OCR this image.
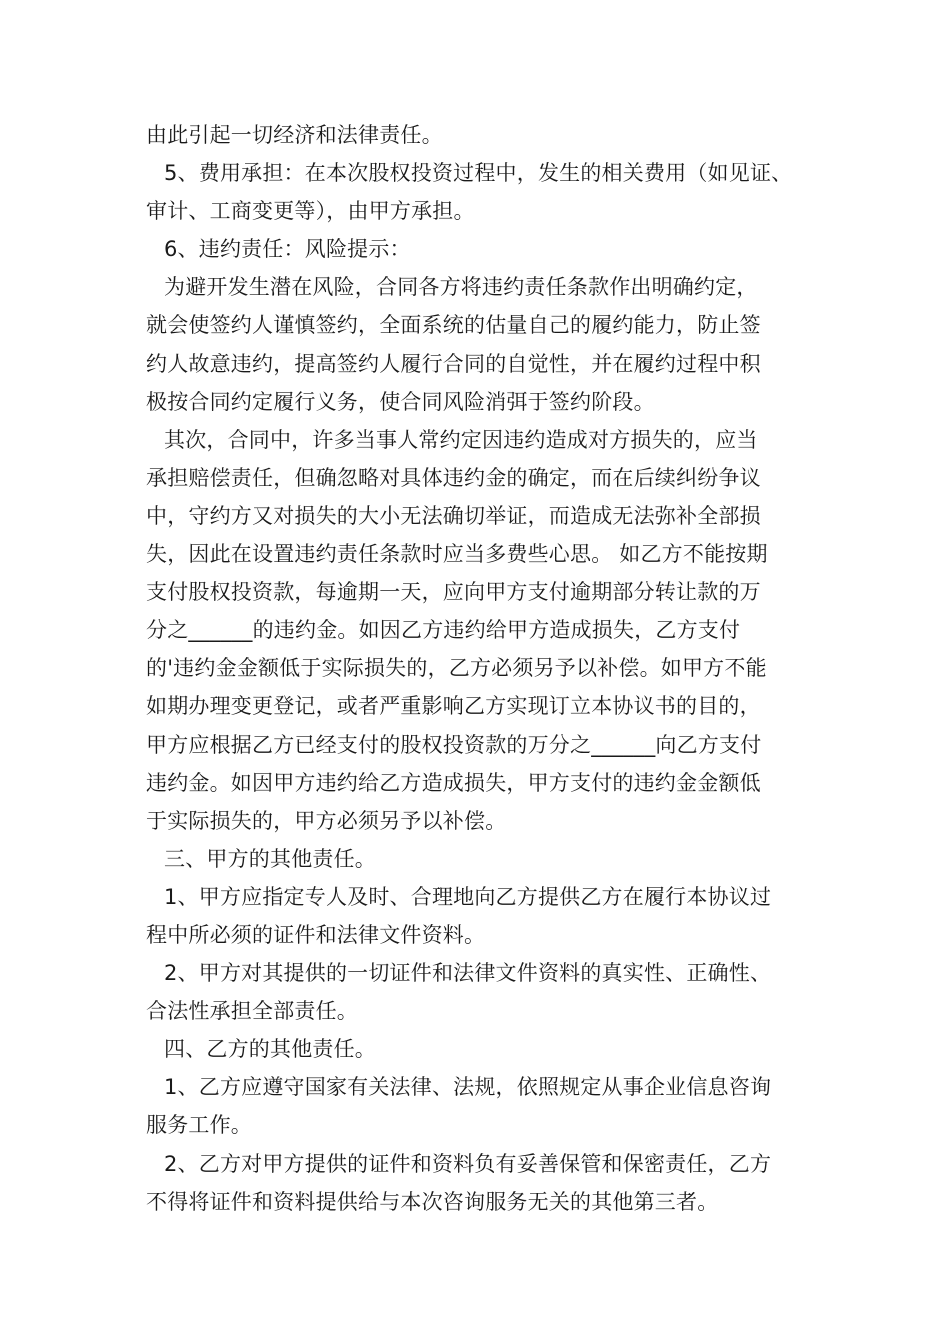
由此引起一切经济和法律责任。
5、费用承担：在本次股权投资过程中，发生的相关费用（如见证、
审计、工商变更等），由甲方承担。
6、违约责任：风险提示：
为避开发生潜在风险，合同各方将违约责任条款作出明确约定，
就会使签约人谨慎签约，全面系统的估量自己的履约能力，防止签
约人故意违约，提高签约人履行合同的自觉性，并在履约过程中积
极按合同约定履行义务，使合同风险消弭于签约阶段。
其次，合同中，许多当事人常约定因违约造成对方损失的，应当
承担赔偿责任，但确忽略对具体违约金的确定，而在后续纠纷争议
中，守约方又对损失的大小无法确切举证，而造成无法弥补全部损
失，因此在设置违约责任条款时应当多费些心思。 如乙方不能按期
支付股权投资款，每逾期一天，应向甲方支付逾期部分转让款的万
分之______的违约金。如因乙方违约给甲方造成损失，乙方支付
的'违约金金额低于实际损失的，乙方必须另予以补偿。如甲方不能
如期办理变更登记，或者严重影响乙方实现订立本协议书的目的，
甲方应根据乙方已经支付的股权投资款的万分之______向乙方支付
违约金。如因甲方违约给乙方造成损失，甲方支付的违约金金额低
于实际损失的，甲方必须另予以补偿。
三、甲方的其他责任。
1、甲方应指定专人及时、合理地向乙方提供乙方在履行本协议过
程中所必须的证件和法律文件资料。
2、甲方对其提供的一切证件和法律文件资料的真实性、正确性、
合法性承担全部责任。
四、乙方的其他责任。
1、乙方应遵守国家有关法律、法规，依照规定从事企业信息咨询
服务工作。
2、乙方对甲方提供的证件和资料负有妥善保管和保密责任，乙方
不得将证件和资料提供给与本次咨询服务无关的其他第三者。
